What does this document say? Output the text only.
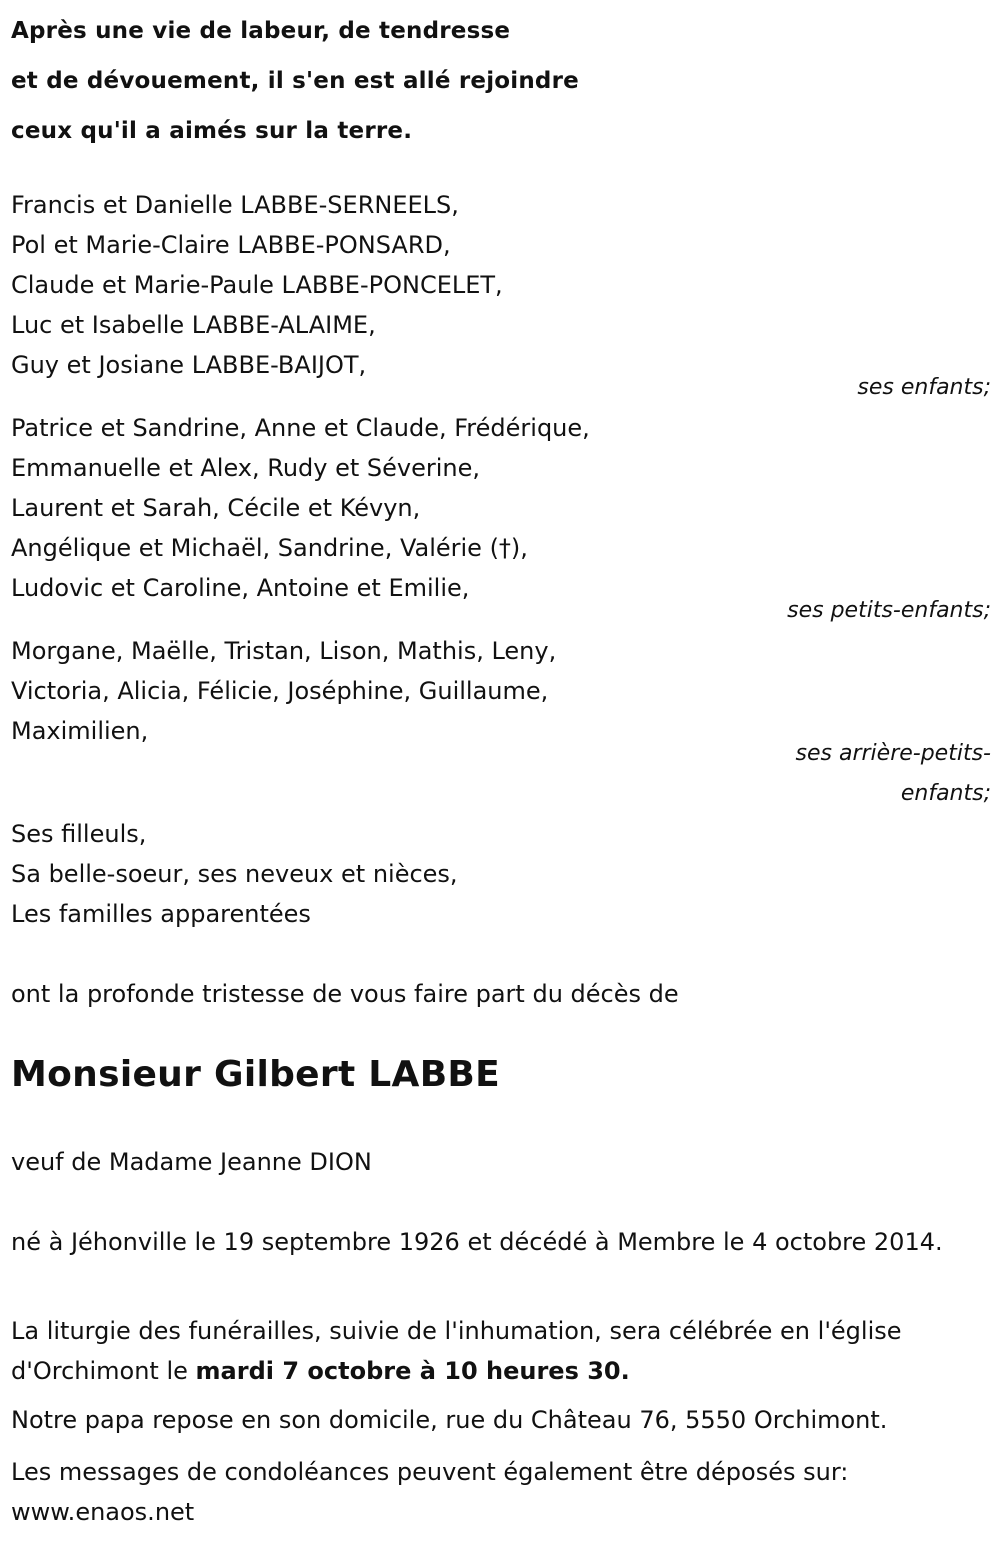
Après une vie de labeur, de tendresse
et de dévouement, il s'en est allé rejoindre
ceux qu'il a aimés sur la terre.
Francis et Danielle LABBE-SERNEELS,
Pol et Marie-Claire LABBE-PONSARD,
Claude et Marie-Paule LABBE-PONCELET,
Luc et Isabelle LABBE-ALAIME,
Guy et Josiane LABBE-BAIJOT,
ses enfants;
Patrice et Sandrine, Anne et Claude, Frédérique,
Emmanuelle et Alex, Rudy et Séverine,
Laurent et Sarah, Cécile et Kévyn,
Angélique et Michaël, Sandrine, Valérie (†),
Ludovic et Caroline, Antoine et Emilie,
ses petits-enfants;
Morgane, Maëlle, Tristan, Lison, Mathis, Leny,
Victoria, Alicia, Félicie, Joséphine, Guillaume,
Maximilien,
ses arrière-petits-
enfants;
Ses filleuls,
Sa belle-soeur, ses neveux et nièces,
Les familles apparentées
ont la profonde tristesse de vous faire part du décès de
Monsieur Gilbert LABBE
veuf de Madame Jeanne DION
né à Jéhonville le 19 septembre 1926 et décédé à Membre le 4 octobre 2014.
La liturgie des funérailles, suivie de l'inhumation, sera célébrée en l'église d'Orchimont le mardi 7 octobre à 10 heures 30.
Notre papa repose en son domicile, rue du Château 76, 5550 Orchimont.
Les messages de condoléances peuvent également être déposés sur:
www.enaos.net
